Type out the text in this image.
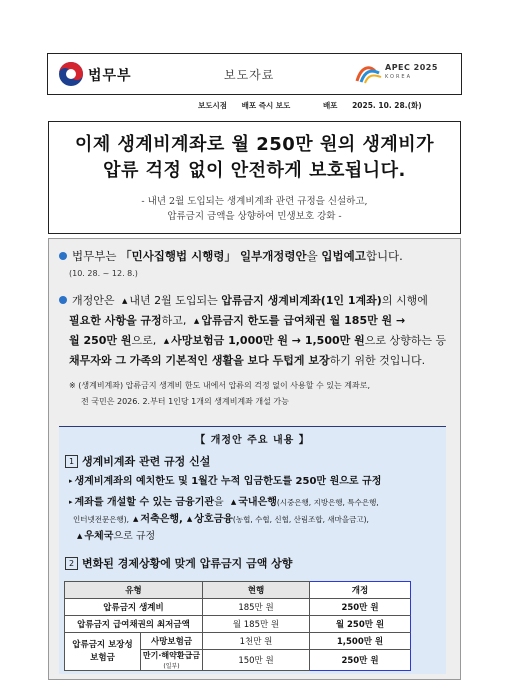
법무부	보도자료
APEC 2025
KOREA
보도시점 배포 즉시 보도	배포 2025. 10. 28.(화)
이제 생계비계좌로 월 250만 원의 생계비가
압류 걱정 없이 안전하게 보호됩니다.
- 내년 2월 도입되는 생계비계좌 관련 규정을 신설하고,
압류금지 금액을 상향하여 민생보호 강화 -
법무부는 「민사집행법 시행령」 일부개정령안을 입법예고합니다.
(10. 28. ~ 12. 8.)
개정안은 ▲ 내년 2월 도입되는 압류금지 생계비계좌(1인 1계좌)의 시행에
필요한 사항을 규정하고, ▲ 압류금지 한도를 급여채권 월 185만 원 →
월 250만 원으로, ▲ 사망보험금 1,000만 원 → 1,500만 원으로 상향하는 등
채무자와 그 가족의 기본적인 생활을 보다 두텁게 보장하기 위한 것입니다.
※ (생계비계좌) 압류금지 생계비 한도 내에서 압류의 걱정 없이 사용할 수 있는 계좌로,
전 국민은 2026. 2.부터 1인당 1개의 생계비계좌 개설 가능
【 개정안 주요 내용 】
1 생계비계좌 관련 규정 신설
▸ 생계비계좌의 예치한도 및 1월간 누적 입금한도를 250만 원으로 규정
▸ 계좌를 개설할 수 있는 금융기관을 ▲ 국내은행(시중은행, 지방은행, 특수은행,
인터넷전문은행), ▲ 저축은행, ▲ 상호금융(농협, 수협, 신협, 산림조합, 새마을금고),
▲ 우체국으로 규정
2 변화된 경제상황에 맞게 압류금지 금액 상향
유형		현행	개정
압류금지 생계비		185만 원	250만 원
압류금지 급여채권의 최저금액		월 185만 원	월 250만 원
압류금지 보장성 보험금	사망보험금	1천만 원	1,500만 원
	만기·해약환급금(일부)	150만 원	250만 원
